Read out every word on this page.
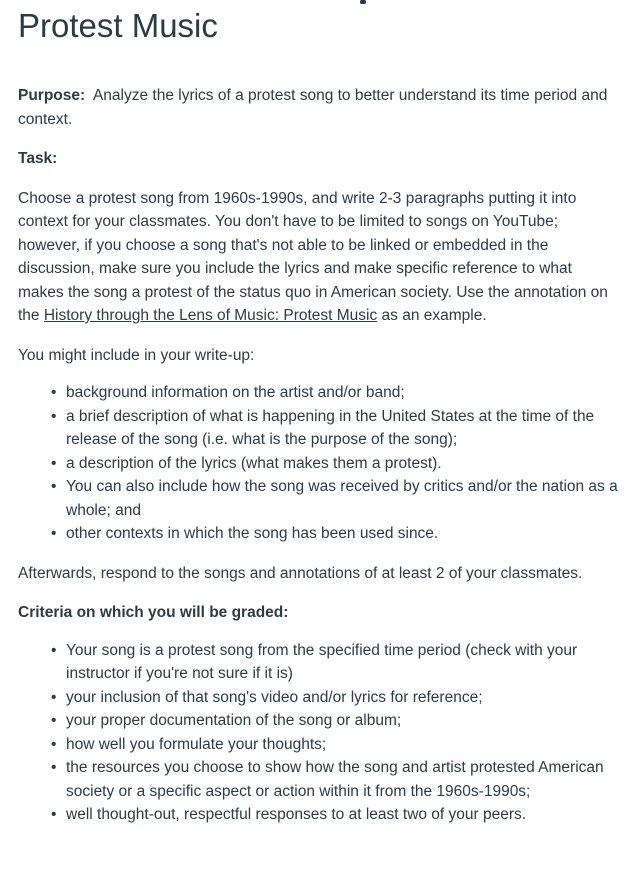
Protest Music

Purpose: Analyze the lyrics of a protest song to better understand its time period and context.

Task:

Choose a protest song from 1960s-1990s, and write 2-3 paragraphs putting it into context for your classmates. You don't have to be limited to songs on YouTube; however, if you choose a song that's not able to be linked or embedded in the discussion, make sure you include the lyrics and make specific reference to what makes the song a protest of the status quo in American society. Use the annotation on the History through the Lens of Music: Protest Music as an example.

You might include in your write-up:

• background information on the artist and/or band;
• a brief description of what is happening in the United States at the time of the release of the song (i.e. what is the purpose of the song);
• a description of the lyrics (what makes them a protest).
• You can also include how the song was received by critics and/or the nation as a whole; and
• other contexts in which the song has been used since.

Afterwards, respond to the songs and annotations of at least 2 of your classmates.

Criteria on which you will be graded:

• Your song is a protest song from the specified time period (check with your instructor if you're not sure if it is)
• your inclusion of that song's video and/or lyrics for reference;
• your proper documentation of the song or album;
• how well you formulate your thoughts;
• the resources you choose to show how the song and artist protested American society or a specific aspect or action within it from the 1960s-1990s;
• well thought-out, respectful responses to at least two of your peers.
